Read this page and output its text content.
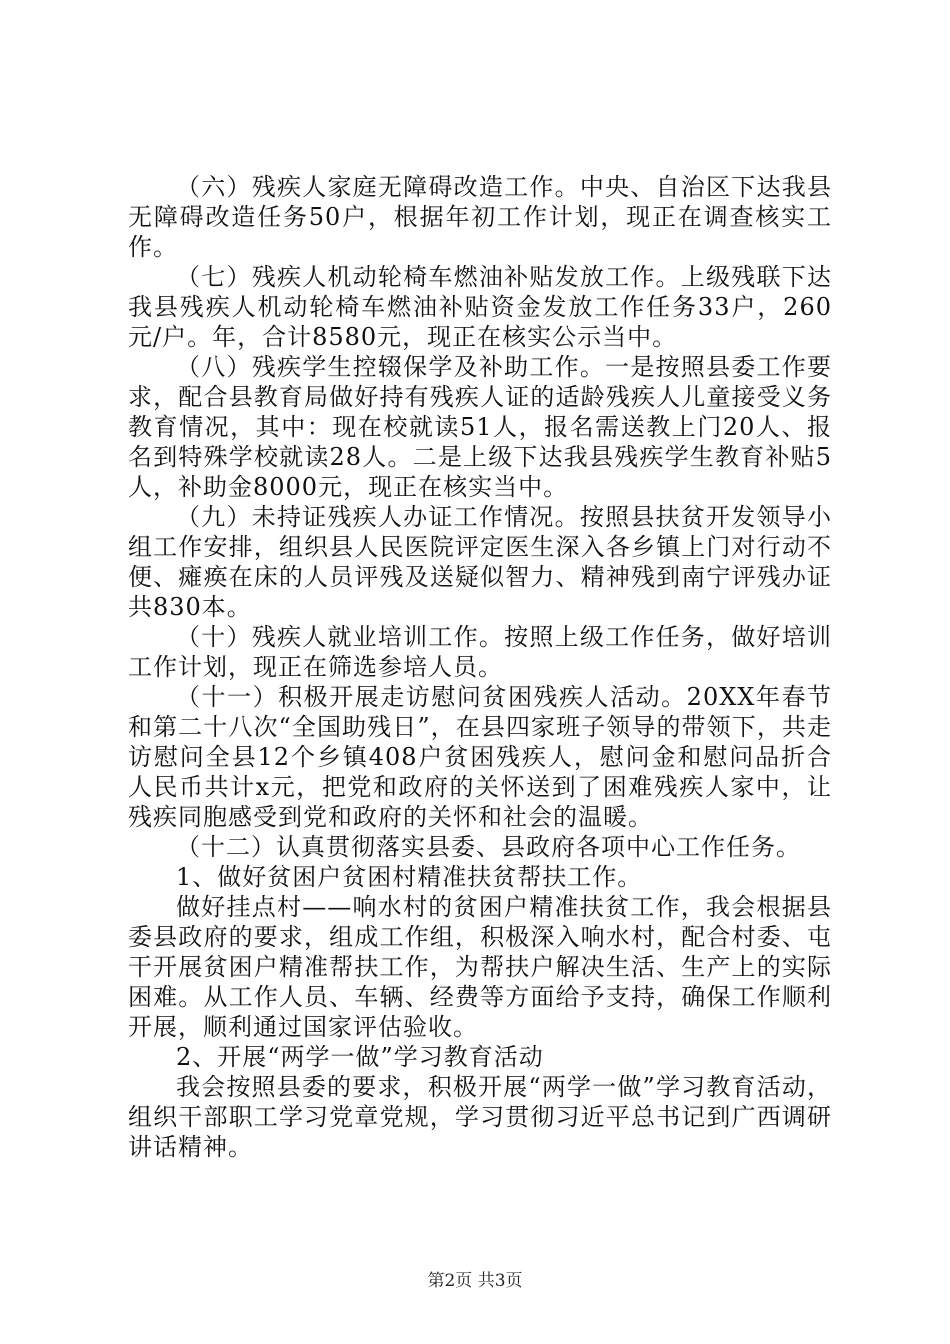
（六）残疾人家庭无障碍改造工作。中央、自治区下达我县无障碍改造任务50户，根据年初工作计划，现正在调查核实工作。

（七）残疾人机动轮椅车燃油补贴发放工作。上级残联下达我县残疾人机动轮椅车燃油补贴资金发放工作任务33户，260元/户。年，合计8580元，现正在核实公示当中。

（八）残疾学生控辍保学及补助工作。一是按照县委工作要求，配合县教育局做好持有残疾人证的适龄残疾人儿童接受义务教育情况，其中：现在校就读51人，报名需送教上门20人、报名到特殊学校就读28人。二是上级下达我县残疾学生教育补贴5人，补助金8000元，现正在核实当中。

（九）未持证残疾人办证工作情况。按照县扶贫开发领导小组工作安排，组织县人民医院评定医生深入各乡镇上门对行动不便、瘫痪在床的人员评残及送疑似智力、精神残到南宁评残办证共830本。

（十）残疾人就业培训工作。按照上级工作任务，做好培训工作计划，现正在筛选参培人员。

（十一）积极开展走访慰问贫困残疾人活动。20XX年春节和第二十八次“全国助残日”，在县四家班子领导的带领下，共走访慰问全县12个乡镇408户贫困残疾人，慰问金和慰问品折合人民币共计x元，把党和政府的关怀送到了困难残疾人家中，让残疾同胞感受到党和政府的关怀和社会的温暖。

（十二）认真贯彻落实县委、县政府各项中心工作任务。

1、做好贫困户贫困村精准扶贫帮扶工作。

做好挂点村——响水村的贫困户精准扶贫工作，我会根据县委县政府的要求，组成工作组，积极深入响水村，配合村委、屯干开展贫困户精准帮扶工作，为帮扶户解决生活、生产上的实际困难。从工作人员、车辆、经费等方面给予支持，确保工作顺利开展，顺利通过国家评估验收。

2、开展“两学一做”学习教育活动

我会按照县委的要求，积极开展“两学一做”学习教育活动，组织干部职工学习党章党规，学习贯彻习近平总书记到广西调研讲话精神。

第2页 共3页
